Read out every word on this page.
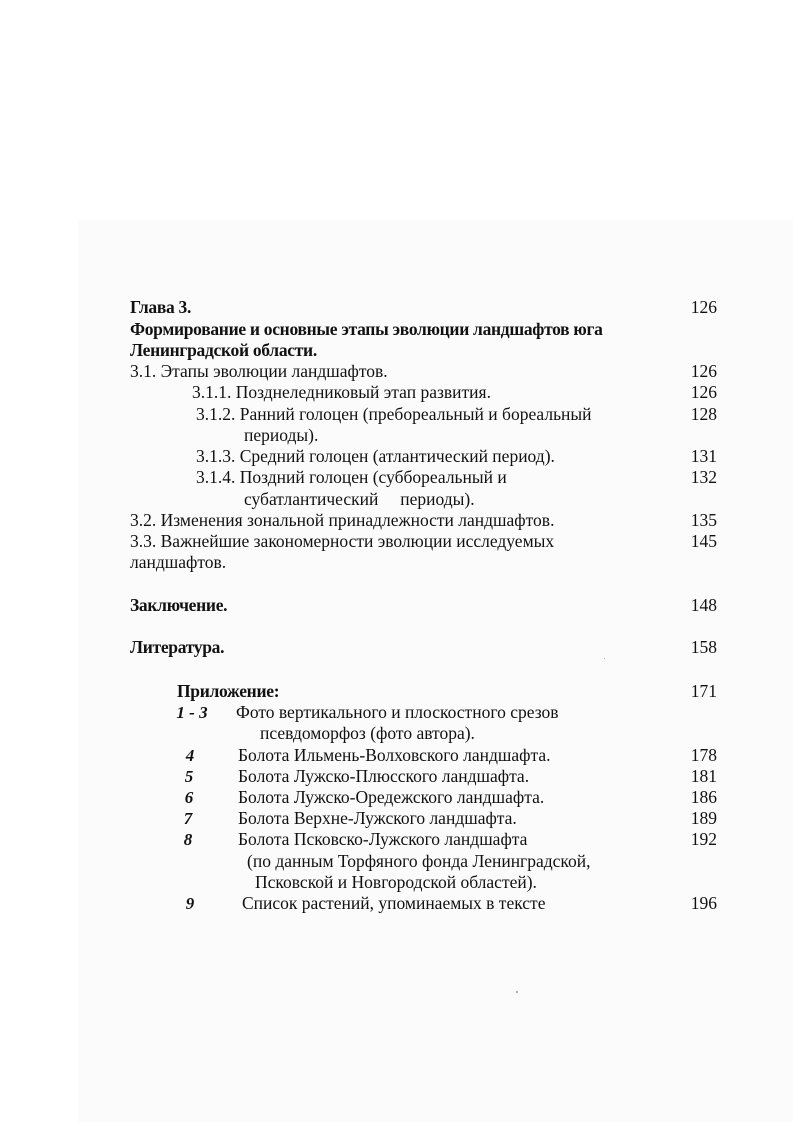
Глава 3.	126
Формирование и основные этапы эволюции ландшафтов юга
Ленинградской области.
3.1. Этапы эволюции ландшафтов.	126
3.1.1. Позднеледниковый этап развития.	126
3.1.2. Ранний голоцен (пребореальный и бореальный	128
периоды).
3.1.3. Средний голоцен (атлантический период).	131
3.1.4. Поздний голоцен (суббореальный и	132
субатлантический     периоды).
3.2. Изменения зональной принадлежности ландшафтов.	135
3.3. Важнейшие закономерности эволюции исследуемых	145
ландшафтов.
Заключение.	148
Литература.	158
Приложение:	171
1 - 3	Фото вертикального и плоскостного срезов
псевдоморфоз (фото автора).
4	Болота Ильмень-Волховского ландшафта.	178
5	Болота Лужско-Плюсского ландшафта.	181
6	Болота Лужско-Оредежского ландшафта.	186
7	Болота Верхне-Лужского ландшафта.	189
8	Болота Псковско-Лужского ландшафта	192
(по данным Торфяного фонда Ленинградской,
Псковской и Новгородской областей).
9	Список растений, упоминаемых в тексте	196
